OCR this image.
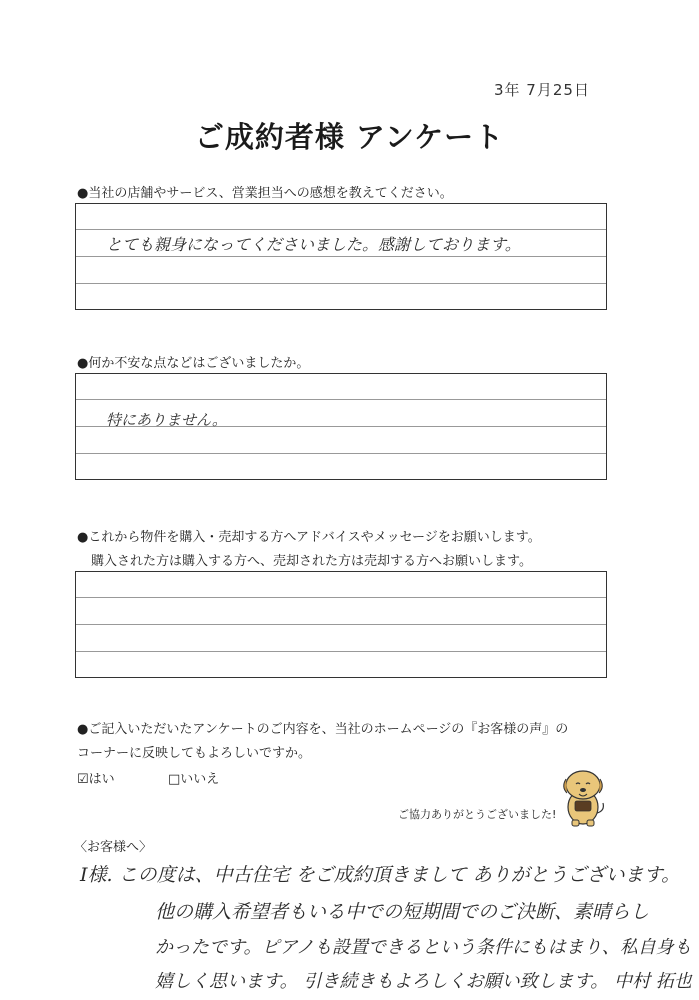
3年 7月25日
ご成約者様 アンケート
●当社の店舗やサービス、営業担当への感想を教えてください。
とても親身になってくださいました。感謝しております。
●何か不安な点などはございましたか。
特にありません。
●これから物件を購入・売却する方へアドバイスやメッセージをお願いします。
購入された方は購入する方へ、売却された方は売却する方へお願いします。
●ご記入いただいたアンケートのご内容を、当社のホームページの『お客様の声』の
コーナーに反映してもよろしいですか。
☑はい	□いいえ
ご協力ありがとうございました!
〈お客様へ〉
I様. この度は、中古住宅 をご成約頂きまして ありがとうございます。
他の購入希望者もいる中での短期間でのご決断、素晴らし
かったです。ピアノも設置できるという条件にもはまり、私自身も
嬉しく思います。 引き続きもよろしくお願い致します。 中村 拓也
